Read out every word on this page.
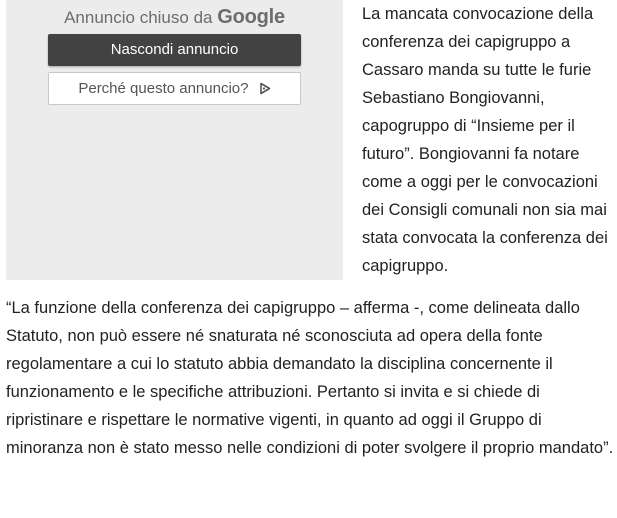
Annuncio chiuso da Google
Nascondi annuncio
Perché questo annuncio?

La mancata convocazione della conferenza dei capigruppo a Cassaro manda su tutte le furie Sebastiano Bongiovanni, capogruppo di “Insieme per il futuro”. Bongiovanni fa notare come a oggi per le convocazioni dei Consigli comunali non sia mai stata convocata la conferenza dei capigruppo.

“La funzione della conferenza dei capigruppo – afferma -, come delineata dallo Statuto, non può essere né snaturata né sconosciuta ad opera della fonte regolamentare a cui lo statuto abbia demandato la disciplina concernente il funzionamento e le specifiche attribuzioni. Pertanto si invita e si chiede di ripristinare e rispettare le normative vigenti, in quanto ad oggi il Gruppo di minoranza non è stato messo nelle condizioni di poter svolgere il proprio mandato”.
